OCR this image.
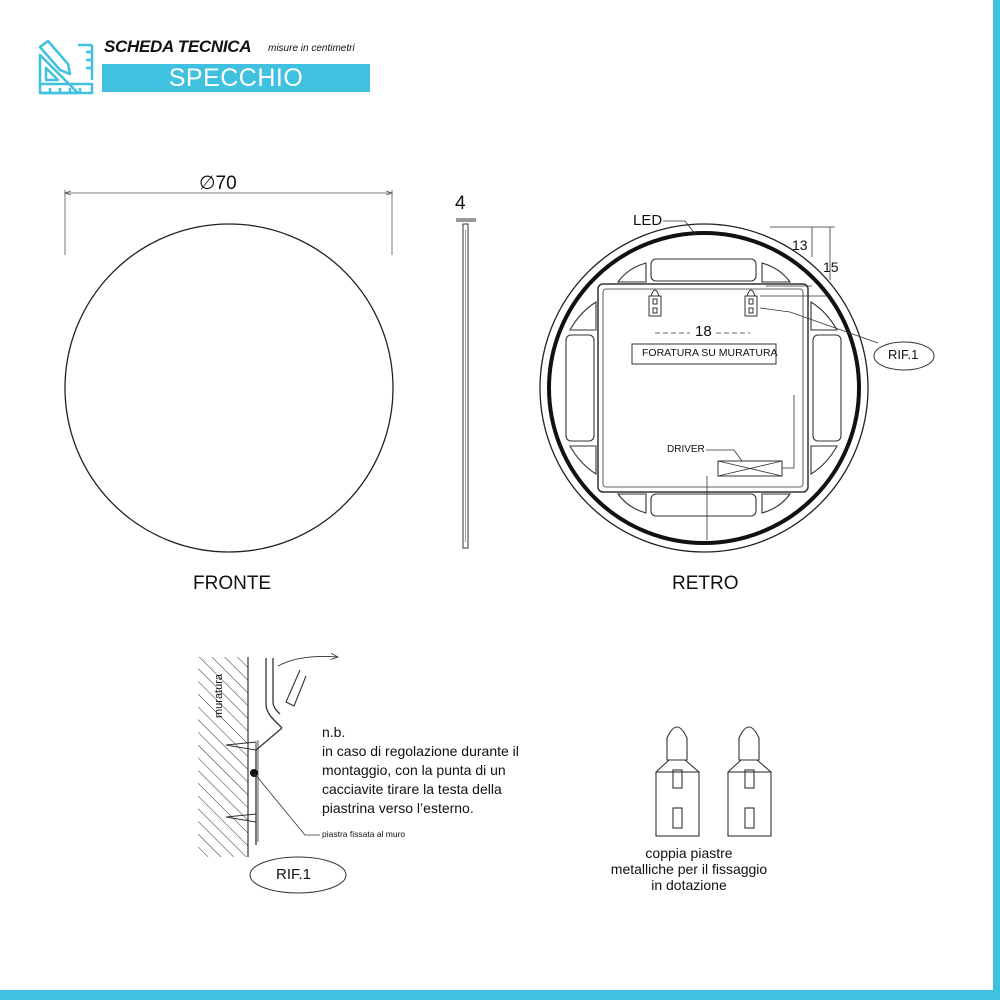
SCHEDA TECNICA misure in centimetri
SPECCHIO
∅70
4
FRONTE
LED
13
15
18
FORATURA SU MURATURA
DRIVER
RIF.1
RETRO
muratura
piastra fissata al muro
RIF.1
n.b.
in caso di regolazione durante il
montaggio, con la punta di un
cacciavite tirare la testa della
piastrina verso l’esterno.
coppia piastre
metalliche per il fissaggio
in dotazione
